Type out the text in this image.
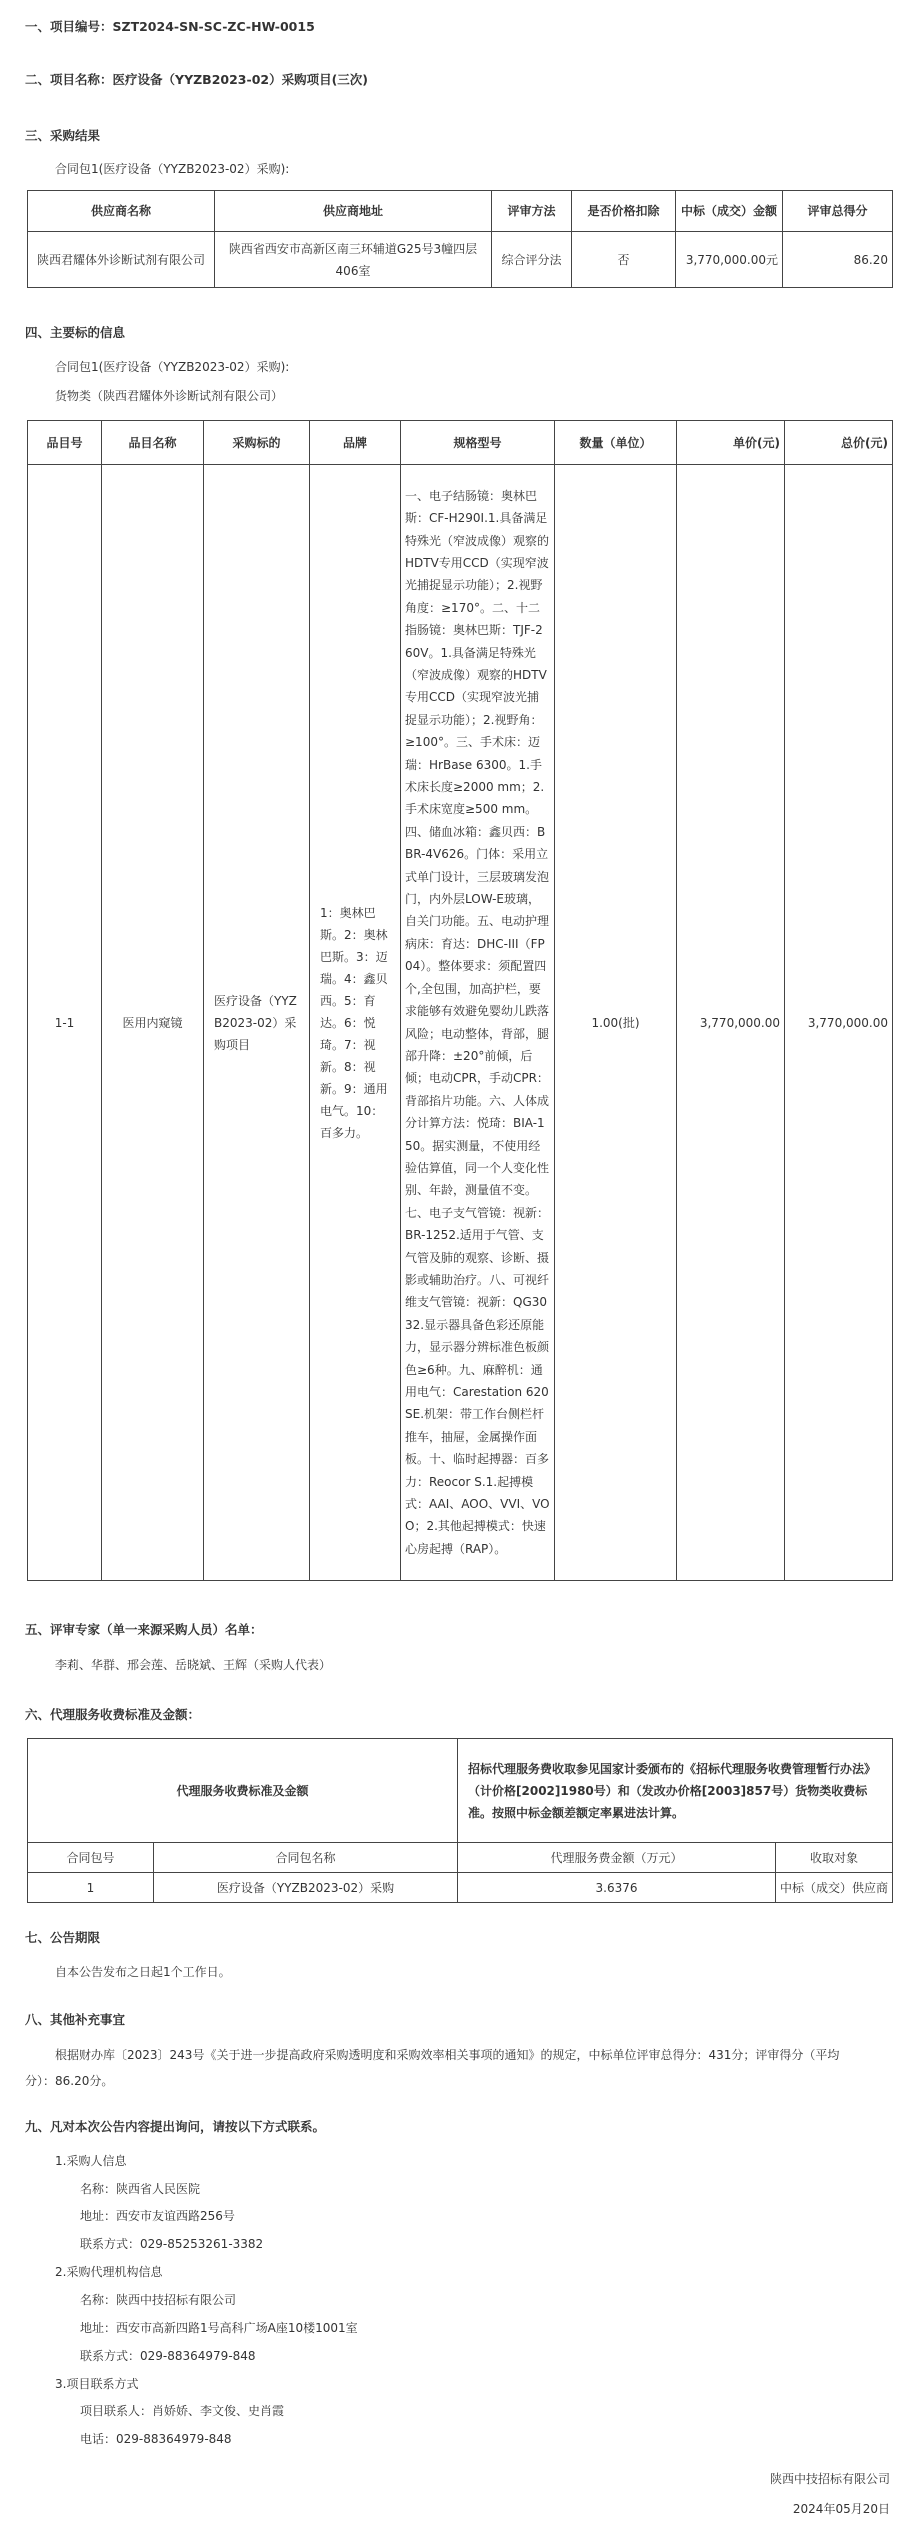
一、项目编号：SZT2024-SN-SC-ZC-HW-0015
二、项目名称：医疗设备（YYZB2023-02）采购项目(三次)
三、采购结果
合同包1(医疗设备（YYZB2023-02）采购):
供应商名称	供应商地址	评审方法	是否价格扣除	中标（成交）金额	评审总得分
陕西君耀体外诊断试剂有限公司	陕西省西安市高新区南三环辅道G25号3幢四层406室	综合评分法	否	3,770,000.00元	86.20
四、主要标的信息
合同包1(医疗设备（YYZB2023-02）采购):
货物类（陕西君耀体外诊断试剂有限公司）
品目号	品目名称	采购标的	品牌	规格型号	数量（单位）	单价(元)	总价(元)
1-1	医用内窥镜	医疗设备（YYZB2023-02）采购项目	1：奥林巴斯。2：奥林巴斯。3：迈瑞。4：鑫贝西。5：育达。6：悦琦。7：视新。8：视新。9：通用电气。10：百多力。	一、电子结肠镜：奥林巴斯：CF-H290I.1.具备满足特殊光（窄波成像）观察的HDTV专用CCD（实现窄波光捕捉显示功能）；2.视野角度：≥170°。二、十二指肠镜：奥林巴斯：TJF-260V。1.具备满足特殊光（窄波成像）观察的HDTV专用CCD（实现窄波光捕捉显示功能）；2.视野角：≥100°。三、手术床：迈瑞：HrBase 6300。1.手术床长度≥2000 mm；2.手术床宽度≥500 mm。四、储血冰箱：鑫贝西：BBR-4V626。门体：采用立式单门设计，三层玻璃发泡门，内外层LOW-E玻璃，自关门功能。五、电动护理病床：育达：DHC-III（FP04）。整体要求：须配置四个,全包围，加高护栏，要求能够有效避免婴幼儿跌落风险；电动整体，背部，腿部升降：±20°前倾，后倾；电动CPR，手动CPR：背部掐片功能。六、人体成分计算方法：悦琦：BIA-150。据实测量，不使用经验估算值，同一个人变化性别、年龄，测量值不变。七、电子支气管镜：视新：BR-1252.适用于气管、支气管及肺的观察、诊断、摄影或辅助治疗。八、可视纤维支气管镜：视新：QG3032.显示器具备色彩还原能力，显示器分辨标准色板颜色≥6种。九、麻醉机：通用电气：Carestation 620SE.机架：带工作台侧栏杆推车，抽屉，金属操作面板。十、临时起搏器：百多力：Reocor S.1.起搏模式：AAI、AOO、VVI、VOO；2.其他起搏模式：快速心房起搏（RAP）。	1.00(批)	3,770,000.00	3,770,000.00
五、评审专家（单一来源采购人员）名单：
李莉、华群、邢会莲、岳晓斌、王辉（采购人代表）
六、代理服务收费标准及金额：
代理服务收费标准及金额		招标代理服务费收取参见国家计委颁布的《招标代理服务收费管理暂行办法》（计价格[2002]1980号）和（发改办价格[2003]857号）货物类收费标准。按照中标金额差额定率累进法计算。	
合同包号	合同包名称	代理服务费金额（万元）	收取对象
1	医疗设备（YYZB2023-02）采购	3.6376	中标（成交）供应商
七、公告期限
自本公告发布之日起1个工作日。
八、其他补充事宜
根据财办库〔2023〕243号《关于进一步提高政府采购透明度和采购效率相关事项的通知》的规定，中标单位评审总得分：431分；评审得分（平均
分）：86.20分。
九、凡对本次公告内容提出询问，请按以下方式联系。
1.采购人信息
名称：陕西省人民医院
地址：西安市友谊西路256号
联系方式：029-85253261-3382
2.采购代理机构信息
名称：陕西中技招标有限公司
地址：西安市高新四路1号高科广场A座10楼1001室
联系方式：029-88364979-848
3.项目联系方式
项目联系人：肖娇娇、李文俊、史肖霞
电话：029-88364979-848
陕西中技招标有限公司
2024年05月20日
